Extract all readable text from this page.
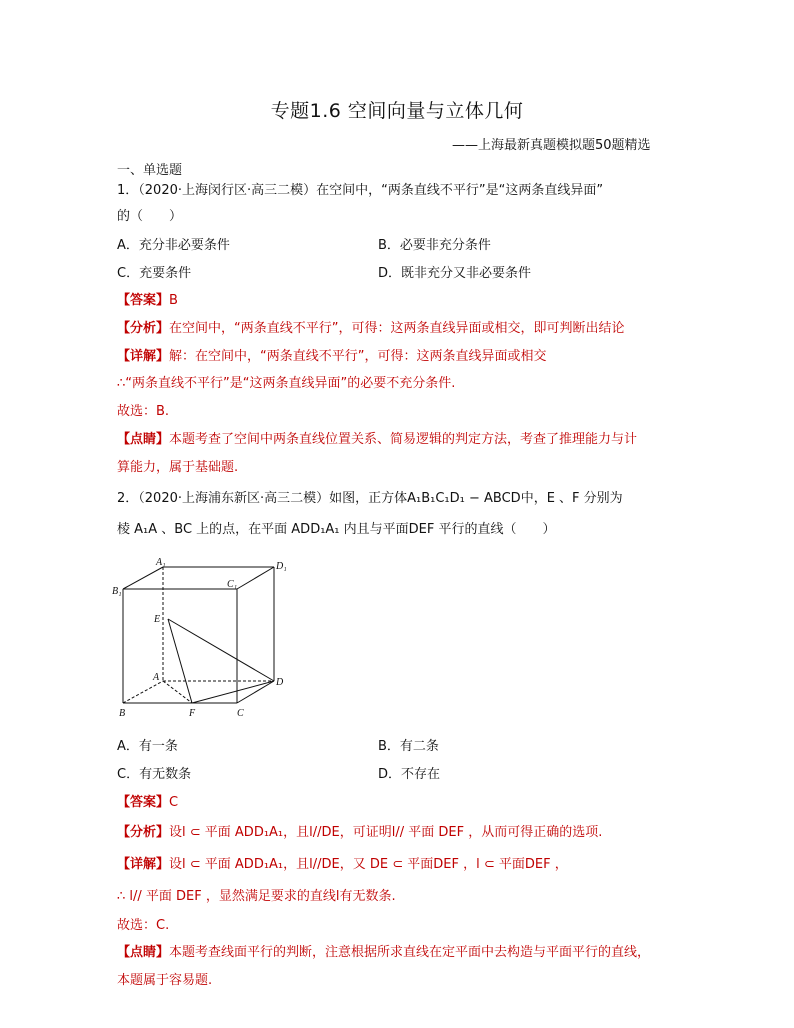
专题1.6 空间向量与立体几何
——上海最新真题模拟题50题精选
一、单选题
1．（2020·上海闵行区·高三二模）在空间中，“两条直线不平行”是“这两条直线异面”
的（　　）
A．充分非必要条件	B．必要非充分条件
C．充要条件	D．既非充分又非必要条件
【答案】B
【分析】在空间中，“两条直线不平行”，可得：这两条直线异面或相交，即可判断出结论
【详解】解：在空间中，“两条直线不平行”，可得：这两条直线异面或相交
∴“两条直线不平行”是“这两条直线异面”的必要不充分条件.
故选：B.
【点睛】本题考查了空间中两条直线位置关系、简易逻辑的判定方法，考查了推理能力与计
算能力，属于基础题.
2．（2020·上海浦东新区·高三二模）如图，正方体A₁B₁C₁D₁ − ABCD中，E 、F 分别为
棱 A₁A 、BC 上的点，在平面 ADD₁A₁ 内且与平面DEF 平行的直线（　　）
A₁	D₁
B₁
C₁
E
A	D
B	F	C
A．有一条	B．有二条
C．有无数条	D．不存在
【答案】C
【分析】设l ⊂ 平面 ADD₁A₁，且l//DE，可证明l// 平面 DEF ，从而可得正确的选项.
【详解】设l ⊂ 平面 ADD₁A₁，且l//DE，又 DE ⊂ 平面DEF ，l ⊂ 平面DEF ，
∴ l// 平面 DEF ，显然满足要求的直线l有无数条.
故选：C.
【点睛】本题考查线面平行的判断，注意根据所求直线在定平面中去构造与平面平行的直线，
本题属于容易题.
